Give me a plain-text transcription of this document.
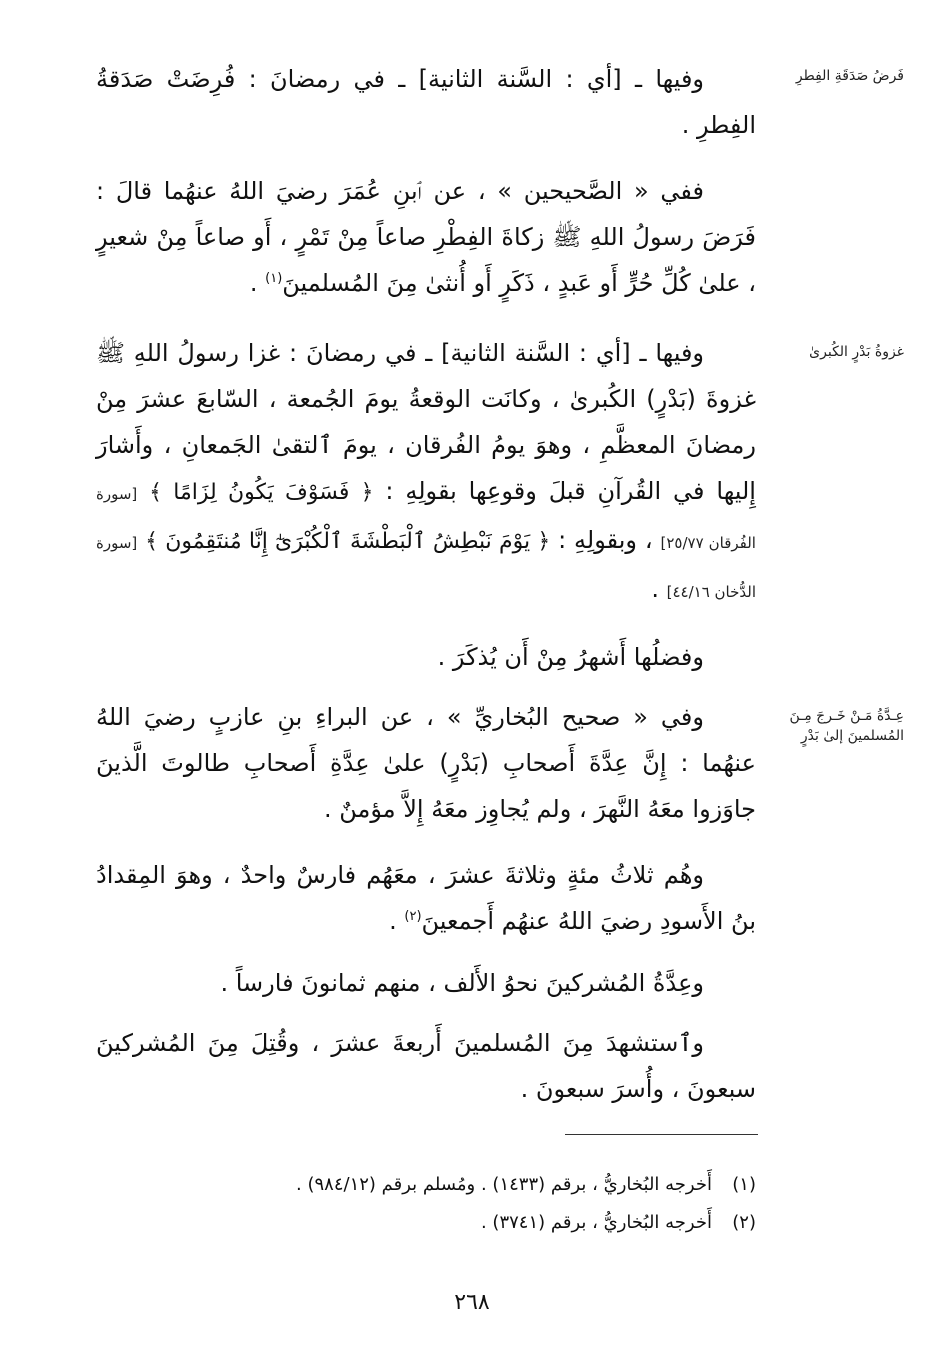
فَرضُ صَدَقَةِ الفِطرِ
غزوةُ بَدْرٍ الكُبرىٰ
عِـدَّةُ مَـنْ خَـرجَ مِـنَ المُسلمينَ إلىٰ بَدْرٍ

وفيها ـ [أي : السَّنة الثانية] ـ في رمضانَ : فُرِضَتْ صَدَقةُ الفِطرِ .

ففي « الصَّحيحين » ، عن ٱبنِ عُمَرَ رضيَ اللهُ عنهُما قالَ : فَرَضَ رسولُ اللهِ ﷺ زكاةَ الفِطْرِ صاعاً مِنْ تَمْرٍ ، أَو صاعاً مِنْ شعيرٍ ، علىٰ كُلِّ حُرٍّ أَو عَبدٍ ، ذَكَرٍ أَو أُنثىٰ مِنَ المُسلمينَ$^{(١)}$ .

وفيها ـ [أي : السَّنة الثانية] ـ في رمضانَ : غزا رسولُ اللهِ ﷺ غزوةَ (بَدْرٍ) الكُبرىٰ ، وكانَت الوقعةُ يومَ الجُمعة ، السّابعَ عشرَ مِنْ رمضانَ المعظَّمِ ، وهوَ يومُ الفُرقان ، يومَ ٱلتقىٰ الجَمعانِ ، وأَشارَ إِليها في القُرآنِ قبلَ وقوعِها بقولِهِ : ﴿ فَسَوْفَ يَكُونُ لِزَامًا ﴾ [سورة الفُرقان ٢٥/٧٧] ، وبقولِهِ : ﴿ يَوْمَ نَبْطِشُ ٱلْبَطْشَةَ ٱلْكُبْرَىٰٓ إِنَّا مُنتَقِمُونَ ﴾ [سورة الدُّخان ٤٤/١٦] .

وفضلُها أَشهرُ مِنْ أَن يُذكَرَ .

وفي « صحيح البُخاريِّ » ، عن البراءِ بنِ عازبٍ رضيَ اللهُ عنهُما : إِنَّ عِدَّةَ أَصحابِ (بَدْرٍ) علىٰ عِدَّةِ أَصحابِ طالوتَ الَّذينَ جاوَزوا معَهُ النَّهرَ ، ولم يُجاوِز معَهُ إِلاَّ مؤمنٌ .

وهُم ثلاثُ مئةٍ وثلاثةَ عشرَ ، معَهُم فارسٌ واحدٌ ، وهوَ المِقدادُ بنُ الأَسودِ رضيَ اللهُ عنهُم أَجمعينَ$^{(٢)}$ .

وعِدَّةُ المُشركينَ نحوُ الأَلف ، منهم ثمانونَ فارساً .

وٱستشهدَ مِنَ المُسلمينَ أَربعةَ عشرَ ، وقُتِلَ مِنَ المُشركينَ سبعونَ ، وأُسرَ سبعونَ .

(١)أَخرجه البُخاريُّ ، برقم (١٤٣٣) . ومُسلم برقم (٩٨٤/١٢) .
(٢)أَخرجه البُخاريُّ ، برقم (٣٧٤١) .
٢٦٨
